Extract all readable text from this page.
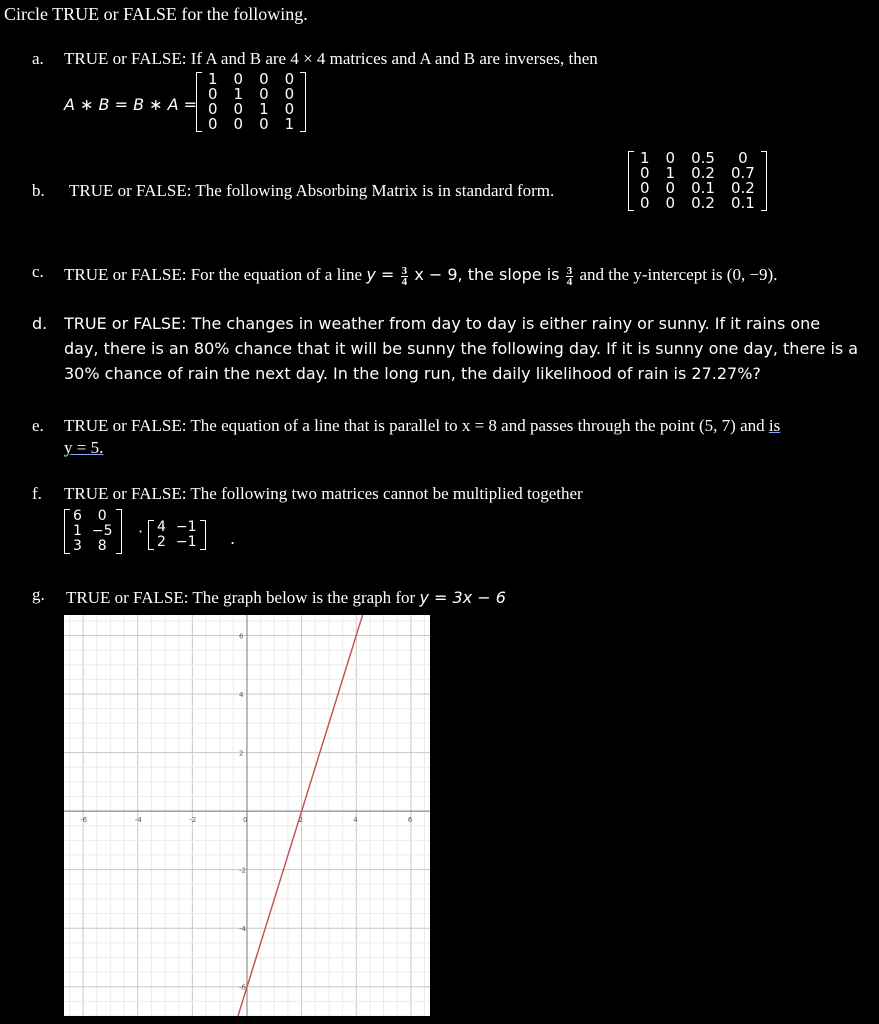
Circle TRUE or FALSE for the following.
a. TRUE or FALSE: If A and B are 4 × 4 matrices and A and B are inverses, then
A ∗ B = B ∗ A =
1	0	0	0
0	1	0	0
0	0	1	0
0	0	0	1
b. TRUE or FALSE: The following Absorbing Matrix is in standard form.
1	0	0.5	0
0	1	0.2	0.7
0	0	0.1	0.2
0	0	0.2	0.1
c. TRUE or FALSE: For the equation of a line $y = \frac{3}{4}$ x − 9, the slope is $\frac{3}{4}$ and the y-intercept is (0, −9).
d. TRUE or FALSE: The changes in weather from day to day is either rainy or sunny. If it rains one
day, there is an 80% chance that it will be sunny the following day. If it is sunny one day, there is a
30% chance of rain the next day. In the long run, the daily likelihood of rain is 27.27%?
e. TRUE or FALSE: The equation of a line that is parallel to x = 8 and passes through the point (5, 7) and is
y = 5.
f. TRUE or FALSE: The following two matrices cannot be multiplied together
6	0
1	−5
3	8
· 4	−1
2	−1 .
g. TRUE or FALSE: The graph below is the graph for y = 3x − 6
-6	-4	-2	0	2	4	6
6
4
2
-2
-4
-6
